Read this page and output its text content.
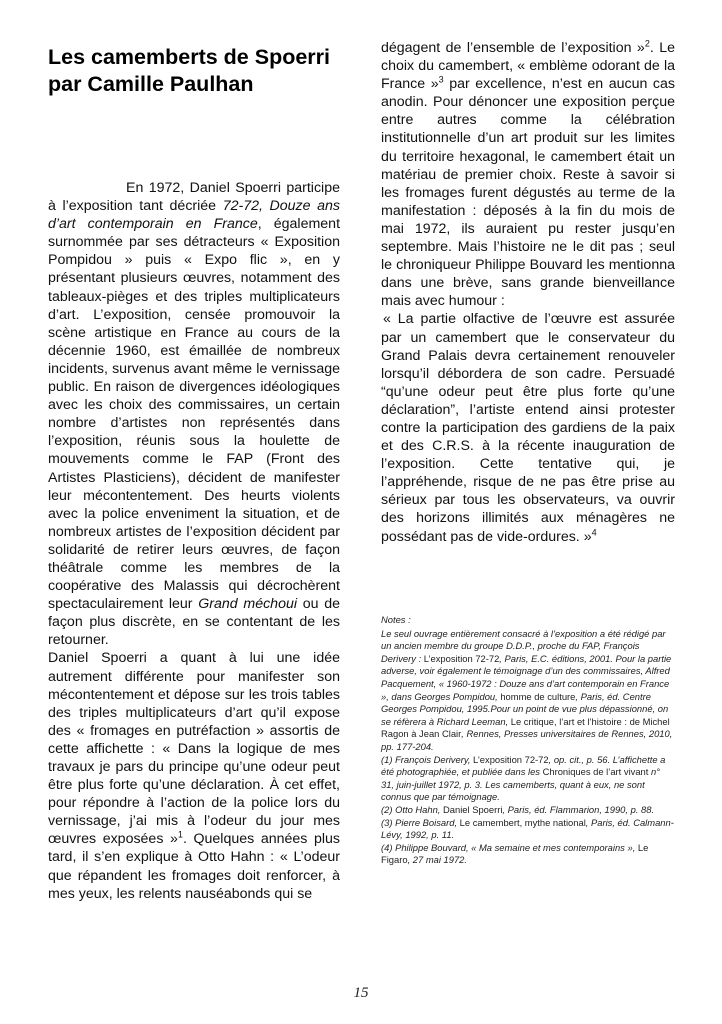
Les camemberts de Spoerri par Camille Paulhan

En 1972, Daniel Spoerri participe à l’exposition tant décriée 72-72, Douze ans d’art contemporain en France, également surnommée par ses détracteurs « Exposition Pompidou » puis « Expo flic », en y présentant plusieurs œuvres, notamment des tableaux-pièges et des triples multiplicateurs d’art. L’exposition, censée promouvoir la scène artistique en France au cours de la décennie 1960, est émaillée de nombreux incidents, survenus avant même le vernissage public. En raison de divergences idéologiques avec les choix des commissaires, un certain nombre d’artistes non représentés dans l’exposition, réunis sous la houlette de mouvements comme le FAP (Front des Artistes Plasticiens), décident de manifester leur mécontentement. Des heurts violents avec la police enveniment la situation, et de nombreux artistes de l’exposition décident par solidarité de retirer leurs œuvres, de façon théâtrale comme les membres de la coopérative des Malassis qui décrochèrent spectaculairement leur Grand méchoui ou de façon plus discrète, en se contentant de les retourner.

Daniel Spoerri a quant à lui une idée autrement différente pour manifester son mécontentement et dépose sur les trois tables des triples multiplicateurs d’art qu’il expose des « fromages en putréfaction » assortis de cette affichette : « Dans la logique de mes travaux je pars du principe qu’une odeur peut être plus forte qu’une déclaration. À cet effet, pour répondre à l’action de la police lors du vernissage, j’ai mis à l’odeur du jour mes œuvres exposées »$^1$. Quelques années plus tard, il s’en explique à Otto Hahn : « L’odeur que répandent les fromages doit renforcer, à mes yeux, les relents nauséabonds qui se

dégagent de l’ensemble de l’exposition »$^2$. Le choix du camembert, « emblème odorant de la France »$^3$ par excellence, n’est en aucun cas anodin. Pour dénoncer une exposition perçue entre autres comme la célébration institutionnelle d’un art produit sur les limites du territoire hexagonal, le camembert était un matériau de premier choix. Reste à savoir si les fromages furent dégustés au terme de la manifestation : déposés à la fin du mois de mai 1972, ils auraient pu rester jusqu’en septembre. Mais l’histoire ne le dit pas ; seul le chroniqueur Philippe Bouvard les mentionna dans une brève, sans grande bienveillance mais avec humour :

« La partie olfactive de l’œuvre est assurée par un camembert que le conservateur du Grand Palais devra certainement renouveler lorsqu’il débordera de son cadre. Persuadé “qu’une odeur peut être plus forte qu’une déclaration”, l’artiste entend ainsi protester contre la participation des gardiens de la paix et des C.R.S. à la récente inauguration de l’exposition. Cette tentative qui, je l’appréhende, risque de ne pas être prise au sérieux par tous les observateurs, va ouvrir des horizons illimités aux ménagères ne possédant pas de vide-ordures. »$^4$

Notes :

Le seul ouvrage entièrement consacré à l’exposition a été rédigé par un ancien membre du groupe D.D.P., proche du FAP, François Derivery : L’exposition 72-72, Paris, E.C. éditions, 2001. Pour la partie adverse, voir également le témoignage d’un des commissaires, Alfred Pacquement, « 1960-1972 : Douze ans d’art contemporain en France », dans Georges Pompidou, homme de culture, Paris, éd. Centre Georges Pompidou, 1995.Pour un point de vue plus dépassionné, on se réfèrera à Richard Leeman, Le critique, l’art et l’histoire : de Michel Ragon à Jean Clair, Rennes, Presses universitaires de Rennes, 2010, pp. 177-204.

(1) François Derivery, L’exposition 72-72, op. cit., p. 56. L’affichette a été photographiée, et publiée dans les Chroniques de l’art vivant n° 31, juin-juillet 1972, p. 3. Les camemberts, quant à eux, ne sont connus que par témoignage.

(2) Otto Hahn, Daniel Spoerri, Paris, éd. Flammarion, 1990, p. 88.

(3) Pierre Boisard, Le camembert, mythe national, Paris, éd. Calmann-Lévy, 1992, p. 11.

(4) Philippe Bouvard, « Ma semaine et mes contemporains », Le Figaro, 27 mai 1972.

15
